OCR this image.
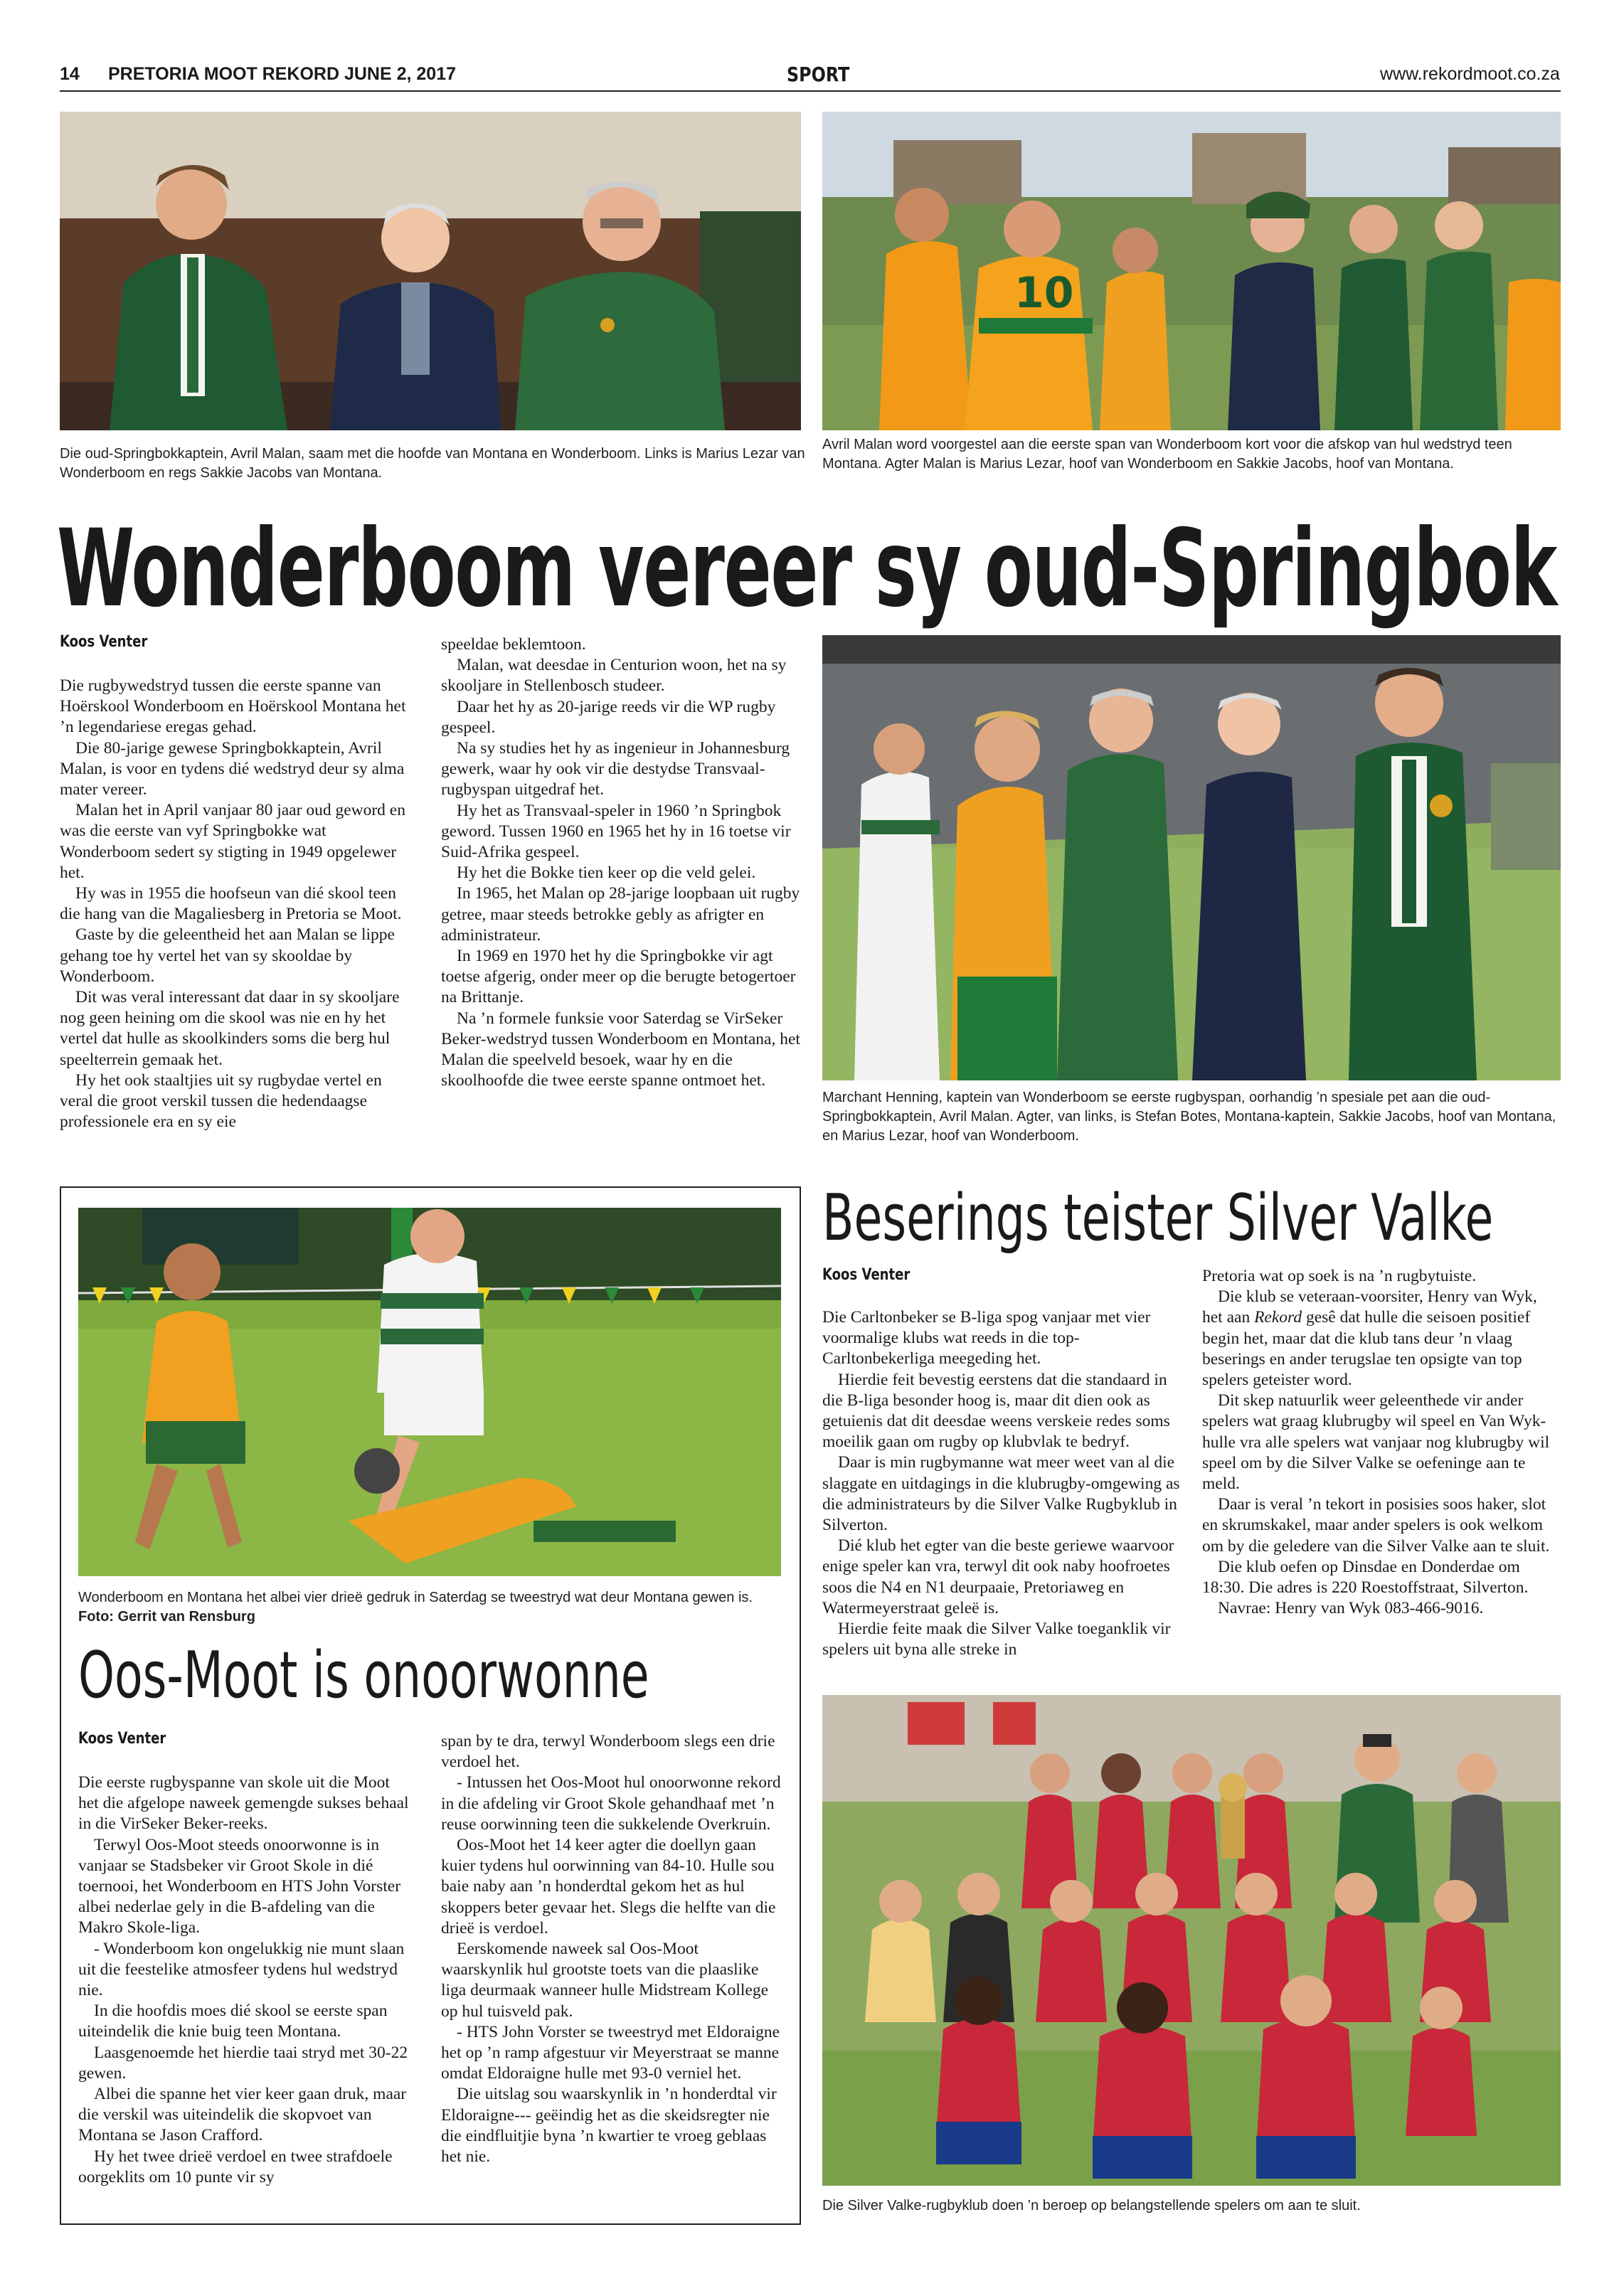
14 PRETORIA MOOT REKORD JUNE 2, 2017	SPORT	www.rekordmoot.co.za
Die oud-Springbokkaptein, Avril Malan, saam met die hoofde van Montana en Wonderboom. Links is Marius Lezar van Wonderboom en regs Sakkie Jacobs van Montana.
10
Avril Malan word voorgestel aan die eerste span van Wonderboom kort voor die afskop van hul wedstryd teen Montana. Agter Malan is Marius Lezar, hoof van Wonderboom en Sakkie Jacobs, hoof van Montana.
Wonderboom vereer sy oud-Springbok
Koos Venter

Die rugbywedstryd tussen die eerste spanne van Hoërskool Wonderboom en Hoërskool Montana het ’n legendariese eregas gehad.

Die 80-jarige gewese Springbokkaptein, Avril Malan, is voor en tydens dié wedstryd deur sy alma mater vereer.

Malan het in April vanjaar 80 jaar oud geword en was die eerste van vyf Springbokke wat Wonderboom sedert sy stigting in 1949 opgelewer het.

Hy was in 1955 die hoofseun van dié skool teen die hang van die Magaliesberg in Pretoria se Moot.

Gaste by die geleentheid het aan Malan se lippe gehang toe hy vertel het van sy skooldae by Wonderboom.

Dit was veral interessant dat daar in sy skooljare nog geen heining om die skool was nie en hy het vertel dat hulle as skoolkinders soms die berg hul speelterrein gemaak het.

Hy het ook staaltjies uit sy rugbydae vertel en veral die groot verskil tussen die hedendaagse professionele era en sy eie

speeldae beklemtoon.

Malan, wat deesdae in Centurion woon, het na sy skooljare in Stellenbosch studeer.

Daar het hy as 20-jarige reeds vir die WP rugby gespeel.

Na sy studies het hy as ingenieur in Johannesburg gewerk, waar hy ook vir die destydse Transvaal-rugbyspan uitgedraf het.

Hy het as Transvaal-speler in 1960 ’n Springbok geword. Tussen 1960 en 1965 het hy in 16 toetse vir Suid-Afrika gespeel.

Hy het die Bokke tien keer op die veld gelei.

In 1965, het Malan op 28-jarige loopbaan uit rugby getree, maar steeds betrokke gebly as afrigter en administrateur.

In 1969 en 1970 het hy die Springbokke vir agt toetse afgerig, onder meer op die berugte betogertoer na Brittanje.

Na ’n formele funksie voor Saterdag se VirSeker Beker-wedstryd tussen Wonderboom en Montana, het Malan die speelveld besoek, waar hy en die skoolhoofde die twee eerste spanne ontmoet het.

Marchant Henning, kaptein van Wonderboom se eerste rugbyspan, oorhandig ’n spesiale pet aan die oud-Springbokkaptein, Avril Malan. Agter, van links, is Stefan Botes, Montana-kaptein, Sakkie Jacobs, hoof van Montana, en Marius Lezar, hoof van Wonderboom.
Wonderboom en Montana het albei vier drieë gedruk in Saterdag se tweestryd wat deur Montana gewen is. Foto: Gerrit van Rensburg
Oos-Moot is onoorwonne
Koos Venter

Die eerste rugbyspanne van skole uit die Moot het die afgelope naweek gemengde sukses behaal in die VirSeker Beker-reeks.

Terwyl Oos-Moot steeds onoorwonne is in vanjaar se Stadsbeker vir Groot Skole in dié toernooi, het Wonderboom en HTS John Vorster albei nederlae gely in die B-afdeling van die Makro Skole-liga.

- Wonderboom kon ongelukkig nie munt slaan uit die feestelike atmosfeer tydens hul wedstryd nie.

In die hoofdis moes dié skool se eerste span uiteindelik die knie buig teen Montana.

Laasgenoemde het hierdie taai stryd met 30-22 gewen.

Albei die spanne het vier keer gaan druk, maar die verskil was uiteindelik die skopvoet van Montana se Jason Crafford.

Hy het twee drieë verdoel en twee strafdoele oorgeklits om 10 punte vir sy

span by te dra, terwyl Wonderboom slegs een drie verdoel het.

- Intussen het Oos-Moot hul onoorwonne rekord in die afdeling vir Groot Skole gehandhaaf met ’n reuse oorwinning teen die sukkelende Overkruin.

Oos-Moot het 14 keer agter die doellyn gaan kuier tydens hul oorwinning van 84-10. Hulle sou baie naby aan ’n honderdtal gekom het as hul skoppers beter gevaar het. Slegs die helfte van die drieë is verdoel.

Eerskomende naweek sal Oos-Moot waarskynlik hul grootste toets van die plaaslike liga deurmaak wanneer hulle Midstream Kollege op hul tuisveld pak.

- HTS John Vorster se tweestryd met Eldoraigne het op ’n ramp afgestuur vir Meyerstraat se manne omdat Eldoraigne hulle met 93-0 verniel het.

Die uitslag sou waarskynlik in ’n honderdtal vir Eldoraigne--- geëindig het as die skeidsregter nie die eindfluitjie byna ’n kwartier te vroeg geblaas het nie.

Beserings teister Silver Valke
Koos Venter

Die Carltonbeker se B-liga spog vanjaar met vier voormalige klubs wat reeds in die top-Carltonbekerliga meegeding het.

Hierdie feit bevestig eerstens dat die standaard in die B-liga besonder hoog is, maar dit dien ook as getuienis dat dit deesdae weens verskeie redes soms moeilik gaan om rugby op klubvlak te bedryf.

Daar is min rugbymanne wat meer weet van al die slaggate en uitdagings in die klubrugby-omgewing as die administrateurs by die Silver Valke Rugbyklub in Silverton.

Dié klub het egter van die beste geriewe waarvoor enige speler kan vra, terwyl dit ook naby hoofroetes soos die N4 en N1 deurpaaie, Pretoriaweg en Watermeyerstraat geleë is.

Hierdie feite maak die Silver Valke toeganklik vir spelers uit byna alle streke in

Pretoria wat op soek is na ’n rugbytuiste.

Die klub se veteraan-voorsiter, Henry van Wyk, het aan Rekord gesê dat hulle die seisoen positief begin het, maar dat die klub tans deur ’n vlaag beserings en ander terugslae ten opsigte van top spelers geteister word.

Dit skep natuurlik weer geleenthede vir ander spelers wat graag klubrugby wil speel en Van Wyk-hulle vra alle spelers wat vanjaar nog klubrugby wil speel om by die Silver Valke se oefeninge aan te meld.

Daar is veral ’n tekort in posisies soos haker, slot en skrumskakel, maar ander spelers is ook welkom om by die geledere van die Silver Valke aan te sluit.

Die klub oefen op Dinsdae en Donderdae om 18:30. Die adres is 220 Roestoffstraat, Silverton.

Navrae: Henry van Wyk 083-466-9016.

Die Silver Valke-rugbyklub doen ’n beroep op belangstellende spelers om aan te sluit.
